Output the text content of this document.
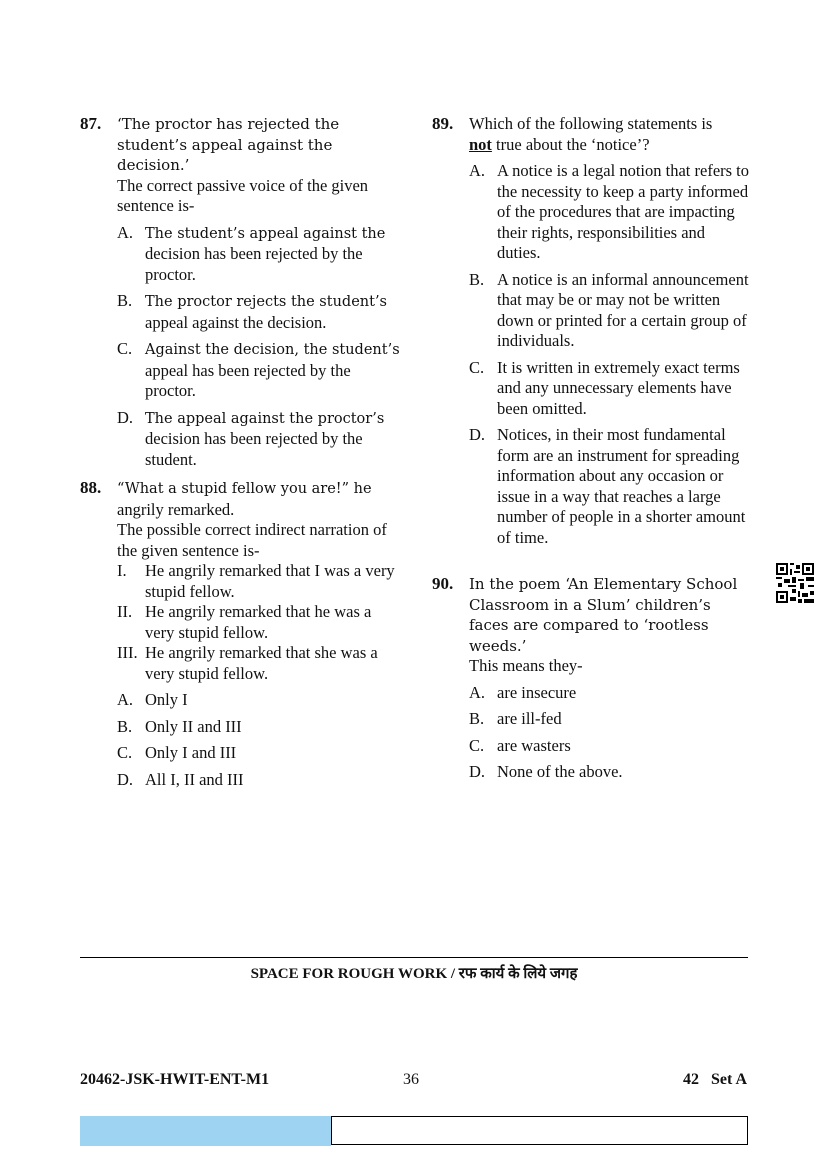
87. ‘The proctor has rejected the student’s appeal against the decision.’
The correct passive voice of the given sentence is-
A. The student’s appeal against the decision has been rejected by the proctor.
B. The proctor rejects the student’s appeal against the decision.
C. Against the decision, the student’s appeal has been rejected by the proctor.
D. The appeal against the proctor’s decision has been rejected by the student.
88. “What a stupid fellow you are!” he angrily remarked.
The possible correct indirect narration of the given sentence is-
I.	He angrily remarked that I was a very stupid fellow.
II. He angrily remarked that he was a very stupid fellow.
III. He angrily remarked that she was a very stupid fellow.
A. Only I
B. Only II and III
C. Only I and III
D. All I, II and III
89. Which of the following statements is
not true about the ‘notice’?
A. A notice is a legal notion that refers to the necessity to keep a party informed of the procedures that are impacting their rights, responsibilities and duties.
B. A notice is an informal announcement that may be or may not be written down or printed for a certain group of individuals.
C. It is written in extremely exact terms and any unnecessary elements have been omitted.
D. Notices, in their most fundamental form are an instrument for spreading information about any occasion or issue in a way that reaches a large number of people in a shorter amount of time.
90. In the poem ‘An Elementary School Classroom in a Slum’ children’s faces are compared to ‘rootless weeds.’
This means they-
A. are insecure
B. are ill-fed
C. are wasters
D. None of the above.
SPACE FOR ROUGH WORK / रफ कार्य के लिये जगह
20462-JSK-HWIT-ENT-M1	36	42   Set A
